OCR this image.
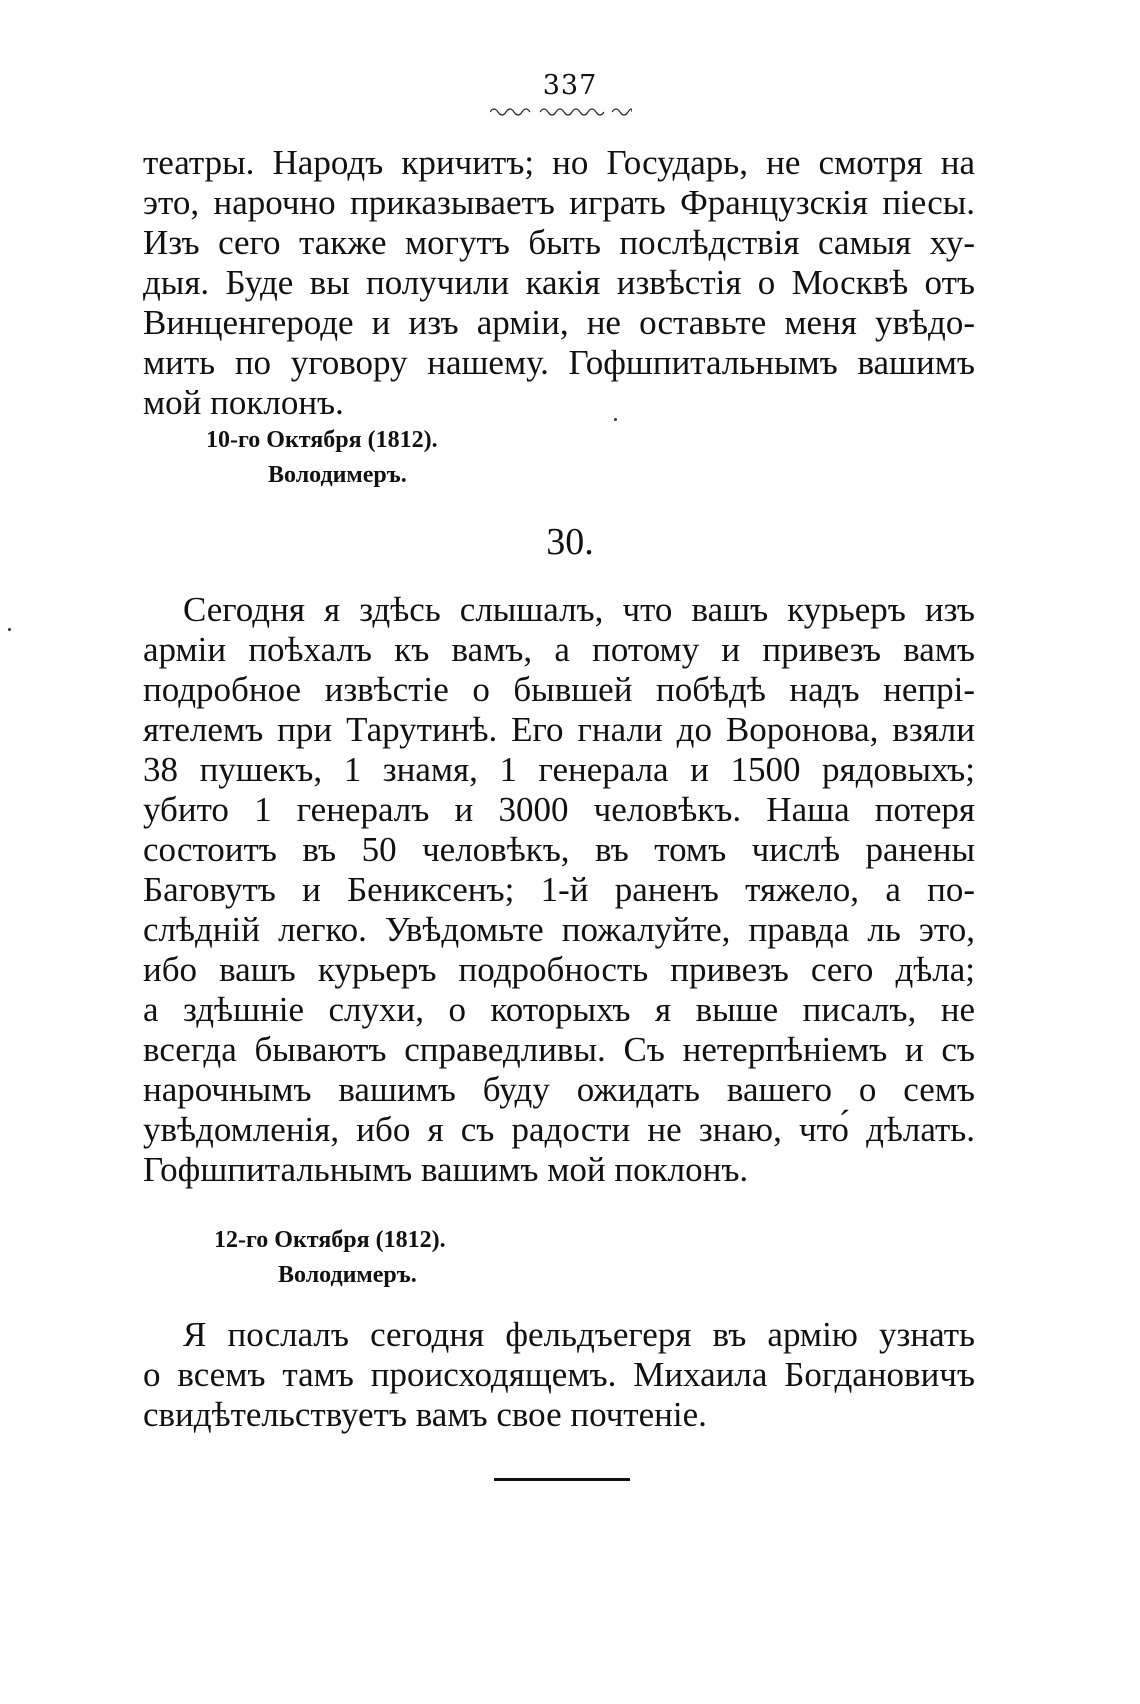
337

театры. Народъ кричитъ; но Государь, не смотря на
это, нарочно приказываетъ играть Французскія піесы.
Изъ сего также могутъ быть послѣдствія самыя ху-
дыя. Буде вы получили какія извѣстія о Москвѣ отъ
Винценгероде и изъ арміи, не оставьте меня увѣдо-
мить по уговору нашему. Гофшпитальнымъ вашимъ
мой поклонъ.

10-го Октября (1812).
Володимеръ.
30.

Сегодня я здѣсь слышалъ, что вашъ курьеръ изъ
арміи поѣхалъ къ вамъ, а потому и привезъ вамъ
подробное извѣстіе о бывшей побѣдѣ надъ непрі-
ятелемъ при Тарутинѣ. Его гнали до Воронова, взяли
38 пушекъ, 1 знамя, 1 генерала и 1500 рядовыхъ;
убито 1 генералъ и 3000 человѣкъ. Наша потеря
состоитъ въ 50 человѣкъ, въ томъ числѣ ранены
Баговутъ и Бениксенъ; 1-й раненъ тяжело, а по-
слѣдній легко. Увѣдомьте пожалуйте, правда ль это,
ибо вашъ курьеръ подробность привезъ сего дѣла;
а здѣшніе слухи, о которыхъ я выше писалъ, не
всегда бываютъ справедливы. Съ нетерпѣніемъ и съ
нарочнымъ вашимъ буду ожидать вашего о семъ
увѣдомленія, ибо я съ радости не знаю, что́ дѣлать.
Гофшпитальнымъ вашимъ мой поклонъ.

12-го Октября (1812).
Володимеръ.

Я послалъ сегодня фельдъегеря въ армію узнать
о всемъ тамъ происходящемъ. Михаила Богдановичъ
свидѣтельствуетъ вамъ свое почтеніе.
